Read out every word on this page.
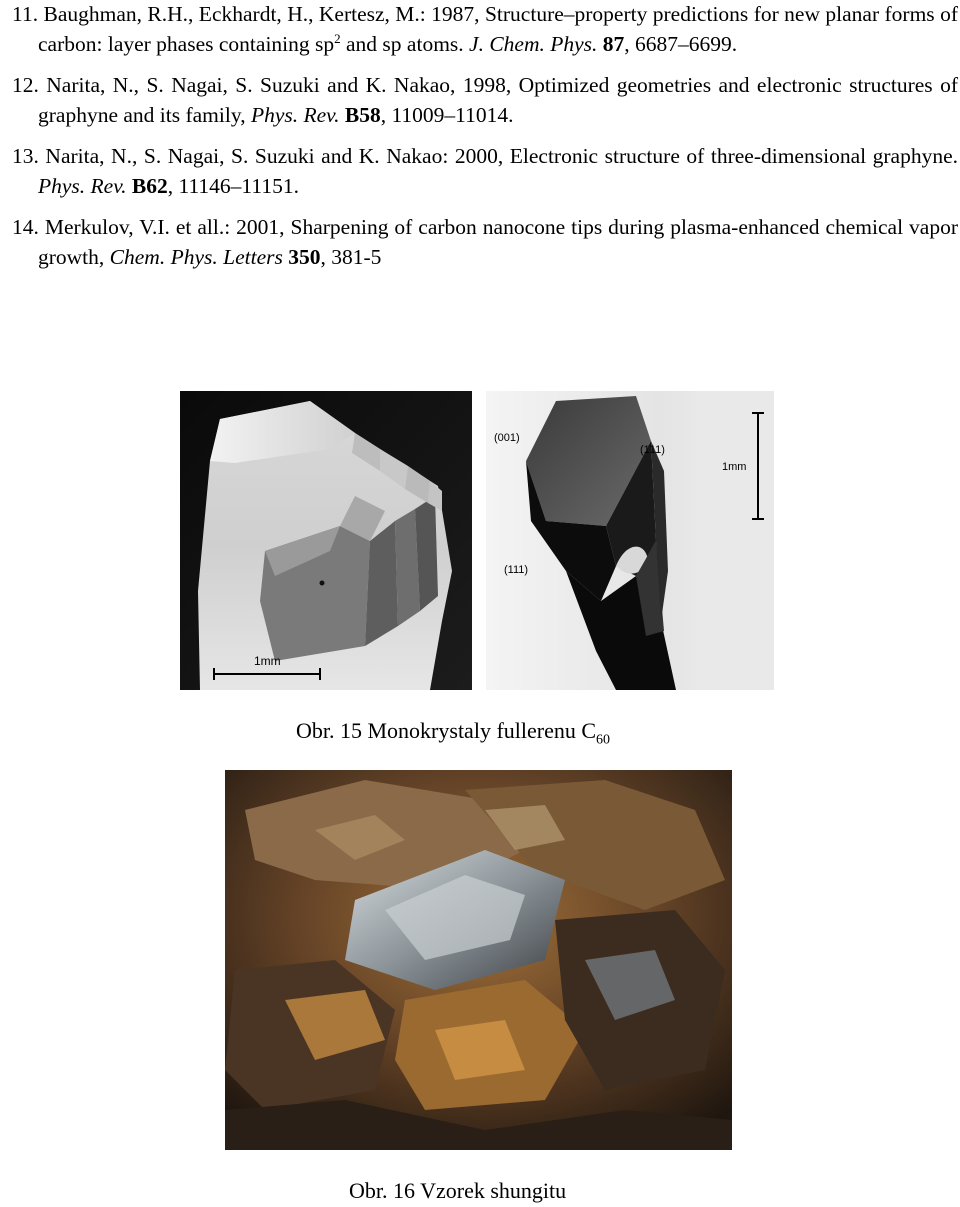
11. Baughman, R.H., Eckhardt, H., Kertesz, M.: 1987, Structure–property predictions for new planar forms of carbon: layer phases containing $sp^2$ and sp atoms. J. Chem. Phys. 87, 6687–6699.
12. Narita, N., S. Nagai, S. Suzuki and K. Nakao, 1998, Optimized geometries and electronic structures of graphyne and its family, Phys. Rev. B58, 11009–11014.
13. Narita, N., S. Nagai, S. Suzuki and K. Nakao: 2000, Electronic structure of three-dimensional graphyne. Phys. Rev. B62, 11146–11151.
14. Merkulov, V.I. et all.: 2001, Sharpening of carbon nanocone tips during plasma-enhanced chemical vapor growth, Chem. Phys. Letters 350, 381-5
1mm
(001)
(1̄11)
(111)
1mm
Obr. 15 Monokrystaly fullerenu $C_{60}$
Obr. 16 Vzorek shungitu
